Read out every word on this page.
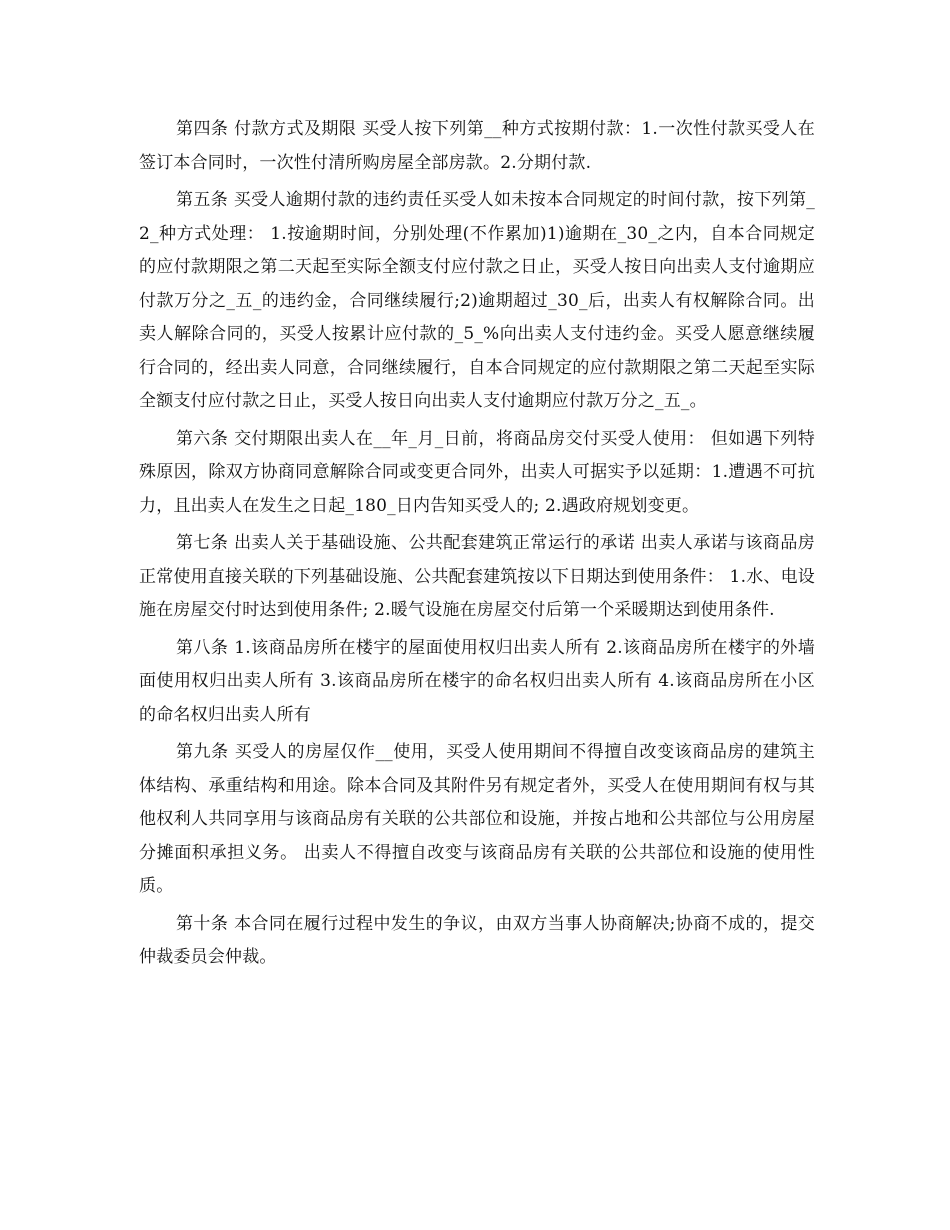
第四条 付款方式及期限 买受人按下列第__种方式按期付款：1.一次性付款买受人在签订本合同时，一次性付清所购房屋全部房款。2.分期付款.

第五条 买受人逾期付款的违约责任买受人如未按本合同规定的时间付款，按下列第_2_种方式处理： 1.按逾期时间，分别处理(不作累加)1)逾期在_30_之内，自本合同规定的应付款期限之第二天起至实际全额支付应付款之日止，买受人按日向出卖人支付逾期应付款万分之_五_的违约金，合同继续履行;2)逾期超过_30_后，出卖人有权解除合同。出卖人解除合同的，买受人按累计应付款的_5_%向出卖人支付违约金。买受人愿意继续履行合同的，经出卖人同意，合同继续履行，自本合同规定的应付款期限之第二天起至实际全额支付应付款之日止，买受人按日向出卖人支付逾期应付款万分之_五_。

第六条 交付期限出卖人在__年_月_日前，将商品房交付买受人使用： 但如遇下列特殊原因，除双方协商同意解除合同或变更合同外，出卖人可据实予以延期：1.遭遇不可抗力，且出卖人在发生之日起_180_日内告知买受人的; 2.遇政府规划变更。

第七条 出卖人关于基础设施、公共配套建筑正常运行的承诺 出卖人承诺与该商品房正常使用直接关联的下列基础设施、公共配套建筑按以下日期达到使用条件： 1.水、电设施在房屋交付时达到使用条件; 2.暖气设施在房屋交付后第一个采暖期达到使用条件.

第八条 1.该商品房所在楼宇的屋面使用权归出卖人所有 2.该商品房所在楼宇的外墙面使用权归出卖人所有 3.该商品房所在楼宇的命名权归出卖人所有 4.该商品房所在小区的命名权归出卖人所有

第九条 买受人的房屋仅作__使用，买受人使用期间不得擅自改变该商品房的建筑主体结构、承重结构和用途。除本合同及其附件另有规定者外，买受人在使用期间有权与其他权利人共同享用与该商品房有关联的公共部位和设施，并按占地和公共部位与公用房屋分摊面积承担义务。 出卖人不得擅自改变与该商品房有关联的公共部位和设施的使用性质。

第十条 本合同在履行过程中发生的争议，由双方当事人协商解决;协商不成的，提交仲裁委员会仲裁。
